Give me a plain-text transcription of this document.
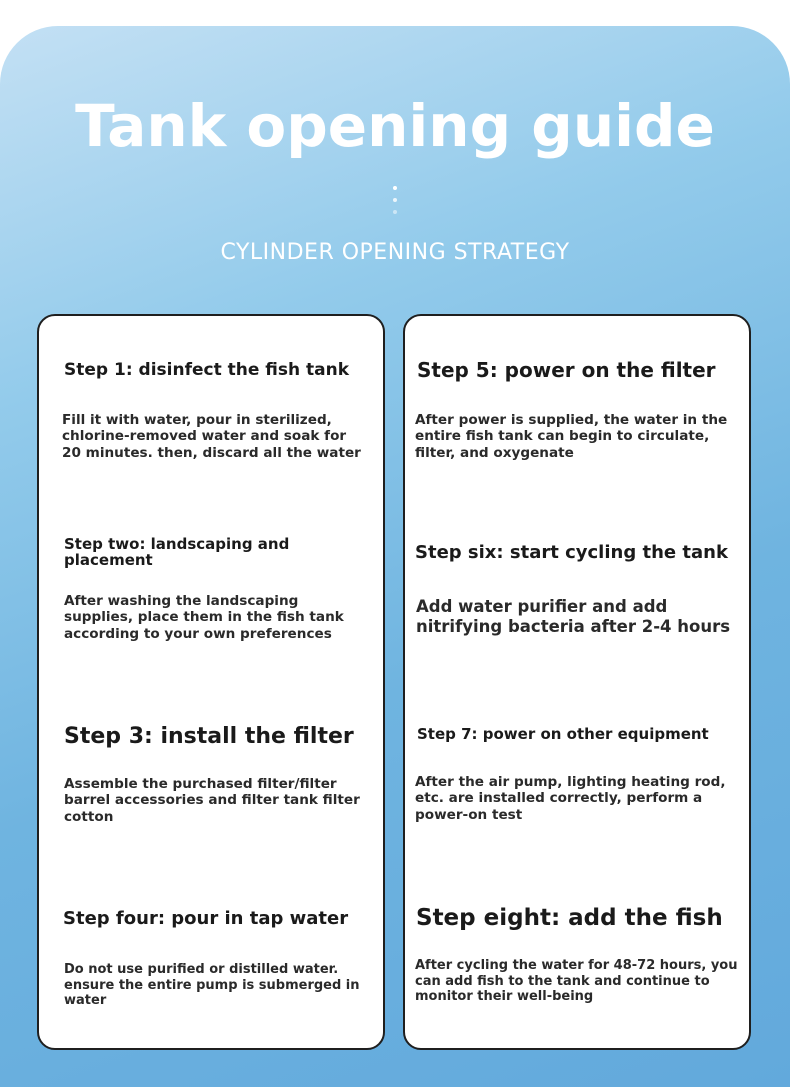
Tank opening guide
CYLINDER OPENING STRATEGY
Step 1: disinfect the fish tank
Fill it with water, pour in sterilized, chlorine-removed water and soak for 20 minutes. then, discard all the water
Step two: landscaping and placement
After washing the landscaping supplies, place them in the fish tank according to your own preferences
Step 3: install the filter
Assemble the purchased filter/filter barrel accessories and filter tank filter cotton
Step four: pour in tap water
Do not use purified or distilled water. ensure the entire pump is submerged in water
Step 5: power on the filter
After power is supplied, the water in the entire fish tank can begin to circulate, filter, and oxygenate
Step six: start cycling the tank
Add water purifier and add nitrifying bacteria after 2-4 hours
Step 7: power on other equipment
After the air pump, lighting heating rod, etc. are installed correctly, perform a power-on test
Step eight: add the fish
After cycling the water for 48-72 hours, you can add fish to the tank and continue to monitor their well-being
